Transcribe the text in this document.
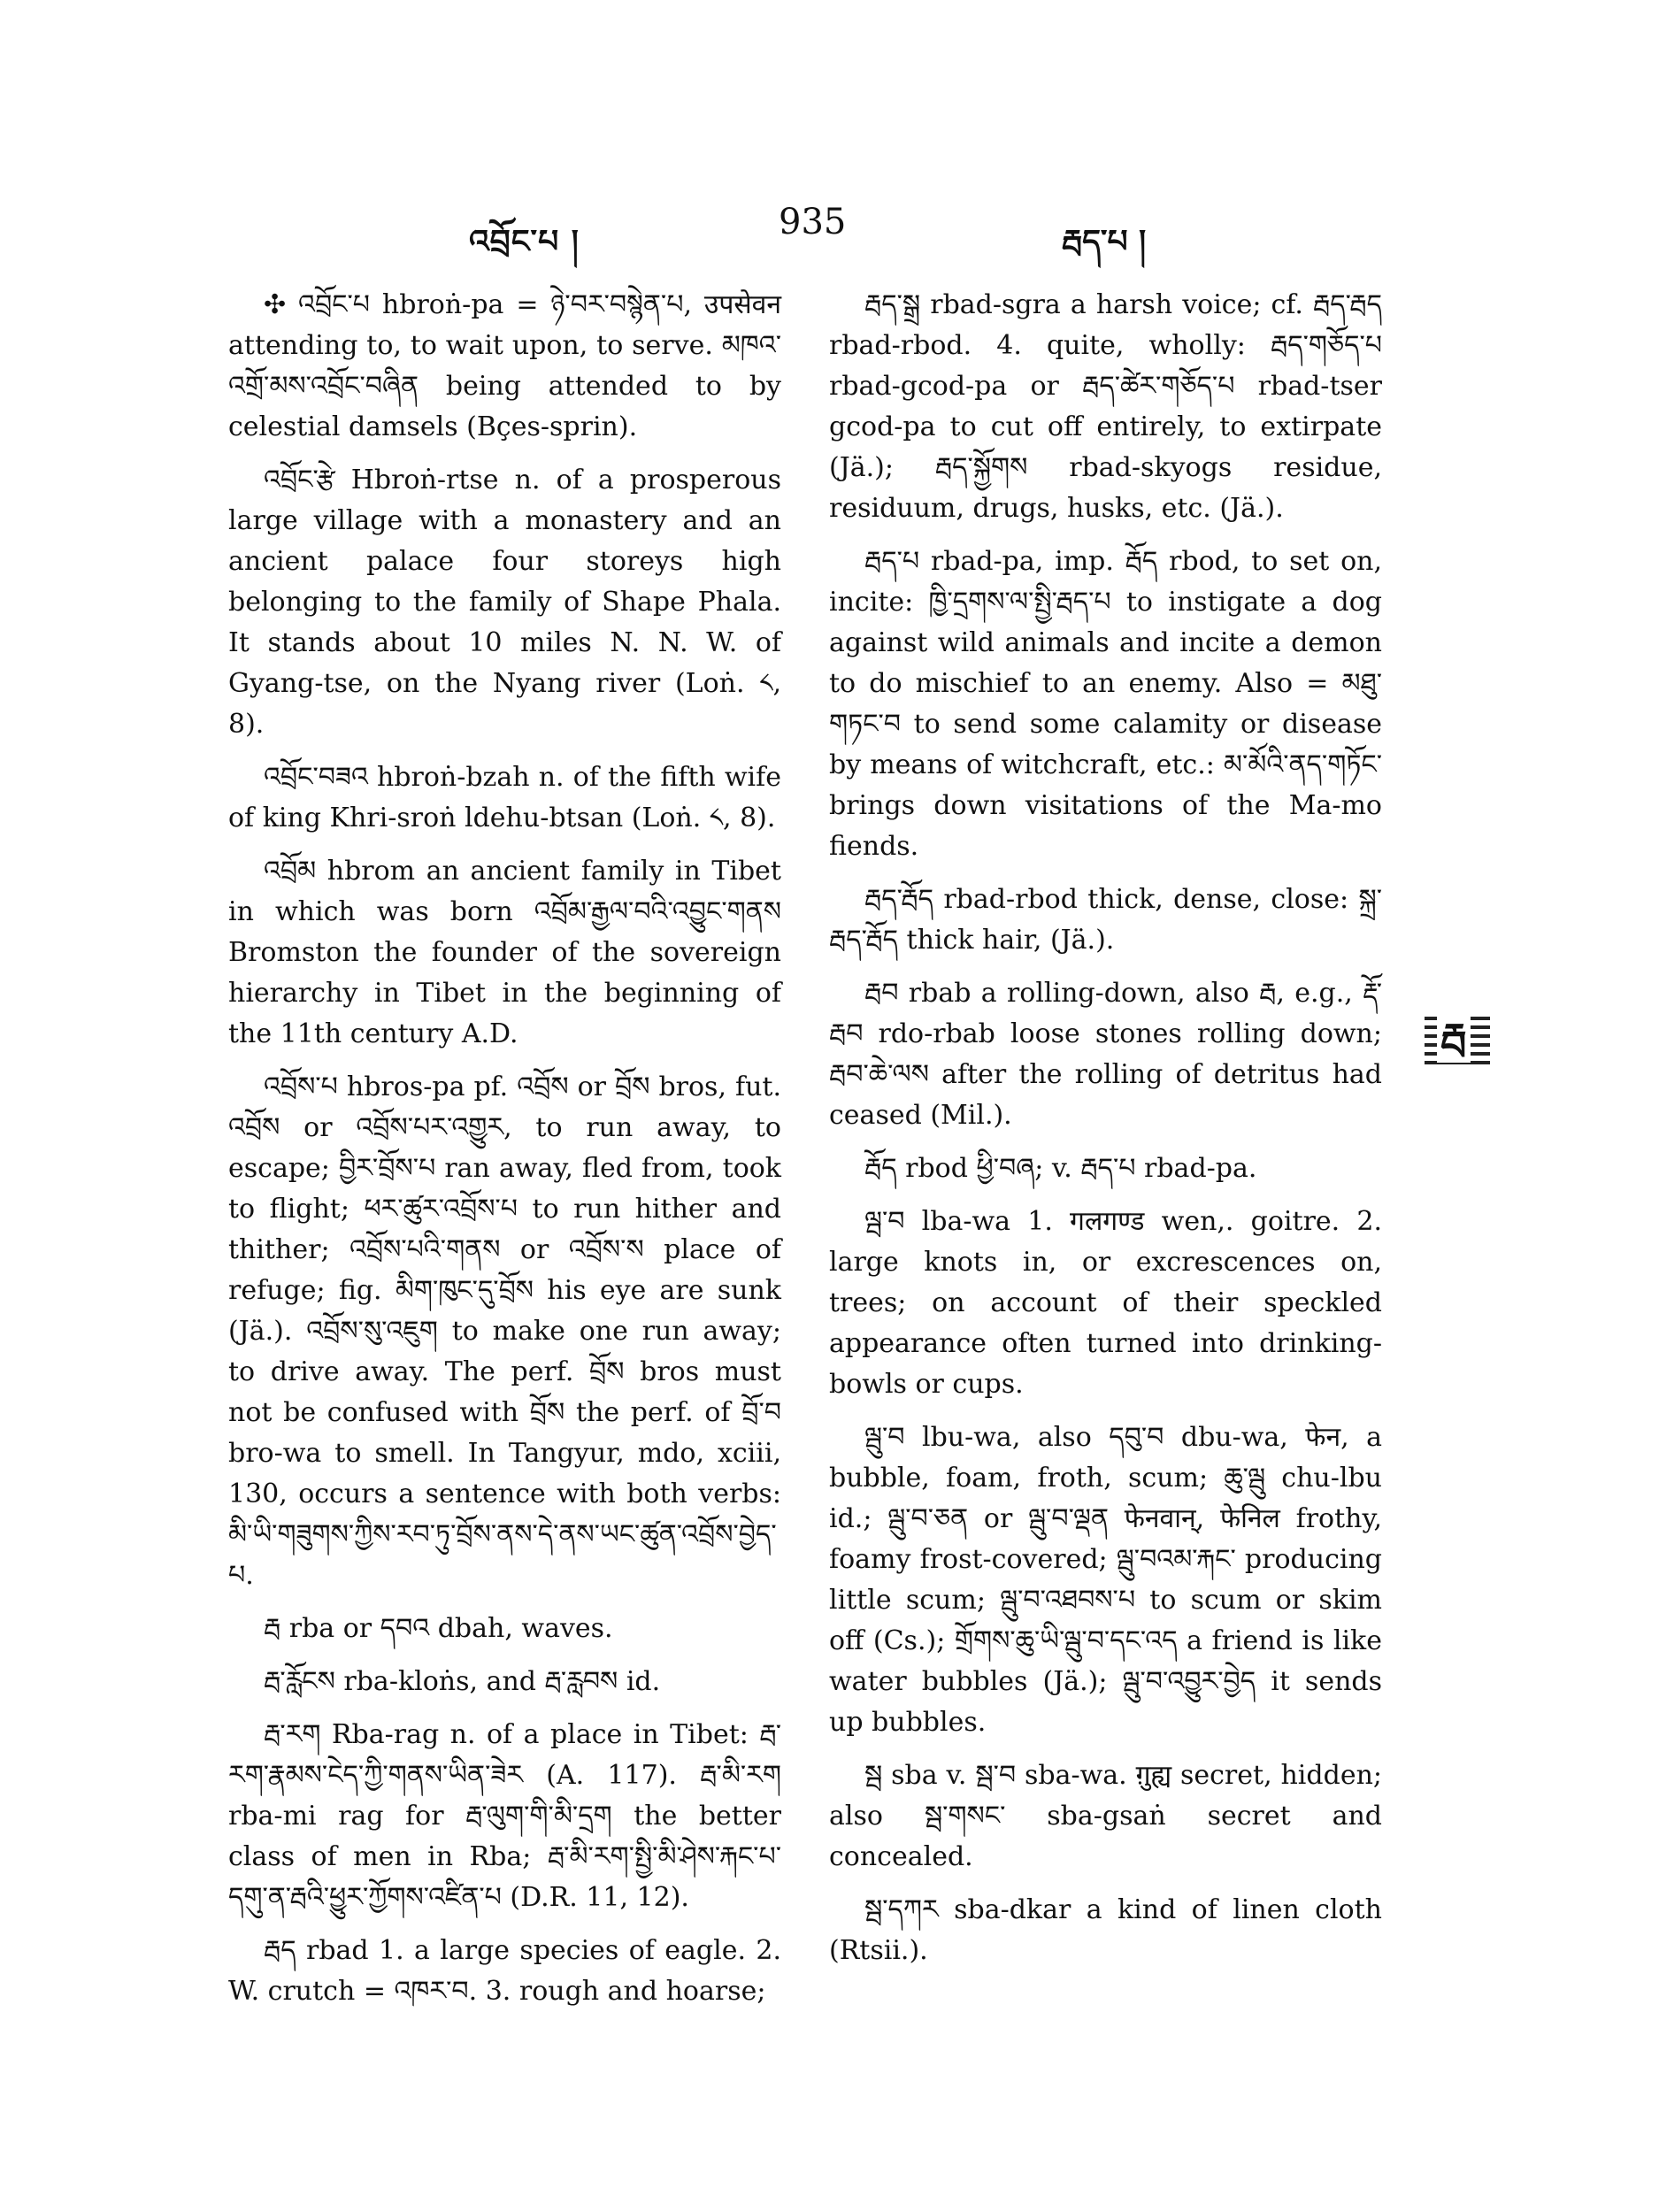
འབྲོང་པ །	935	རྦད་པ །

✣ འབྲོང་པ hbroṅ-pa = ཉེ་བར་བསྙེན་པ, उपसेवन attending to, to wait upon, to serve. མཁའ་འགྲོ་མས་འབྲོང་བཞིན being attended to by celestial damsels (Bçes-sprin).

འབྲོང་རྩེ Hbroṅ-rtse n. of a prosperous large village with a monastery and an ancient palace four storeys high belonging to the family of Shape Phala. It stands about 10 miles N. N. W. of Gyang-tse, on the Nyang river (Loṅ. ༨, 8).

འབྲོང་བཟའ hbroṅ-bzah n. of the fifth wife of king Khri-sroṅ ldehu-btsan (Loṅ. ༨, 8).

འབྲོམ hbrom an ancient family in Tibet in which was born འབྲོམ་རྒྱལ་བའི་འབྱུང་གནས Bromston the founder of the sovereign hierarchy in Tibet in the beginning of the 11th century A.D.

འབྲོས་པ hbros-pa pf. འབྲོས or བྲོས bros, fut. འབྲོས or འབྲོས་པར་འགྱུར, to run away, to escape; བྱིར་བྲོས་པ ran away, fled from, took to flight; ཕར་ཚུར་འབྲོས་པ to run hither and thither; འབྲོས་པའི་གནས or འབྲོས་ས place of refuge; fig. མིག་ཁུང་དུ་བྲོས his eye are sunk (Jä.). འབྲོས་སུ་འཇུག to make one run away; to drive away. The perf. བྲོས bros must not be confused with བྲོས the perf. of བྲོ་བ bro-wa to smell. In Tangyur, mdo, xciii, 130, occurs a sentence with both verbs: མི་ཡི་གཟུགས་ཀྱིས་རབ་ཏུ་བྲོས་ནས་དེ་ནས་ཡང་ཚུན་འབྲོས་བྱེད་པ.

རྦ rba or དབའ dbah, waves.

རྦ་རློངས rba-kloṅs, and རྦ་རླབས id.

རྦ་རག Rba-rag n. of a place in Tibet: རྦ་རག་རྣམས་ངེད་ཀྱི་གནས་ཡིན་ཟེར (A. 117). རྦ་མི་རག rba-mi rag for རྦ་ལུག་གི་མི་དྲག the better class of men in Rba; རྦ་མི་རག་སྤྱི་མི་ཤེས་རྐང་པ་དགུ་ན་རྦའི་ཕྱུར་ཀྱོགས་འཛིན་པ (D.R. 11, 12).

རྦད rbad 1. a large species of eagle. 2. W. crutch = འཁར་བ. 3. rough and hoarse;

རྦད་སྒྲ rbad-sgra a harsh voice; cf. རྦད་རྦད rbad-rbod. 4. quite, wholly: རྦད་གཅོད་པ rbad-gcod-pa or རྦད་ཚེར་གཅོད་པ rbad-tser gcod-pa to cut off entirely, to extirpate (Jä.); རྦད་སྐྱོགས rbad-skyogs residue, residuum, drugs, husks, etc. (Jä.).

རྦད་པ rbad-pa, imp. རྦོད rbod, to set on, incite: ཁྱི་དྲགས་ལ་སྤྱི་རྦད་པ to instigate a dog against wild animals and incite a demon to do mischief to an enemy. Also = མཐུ་གཏང་བ to send some calamity or disease by means of witchcraft, etc.: མ་མོའི་ནད་གཏོང་ brings down visitations of the Ma-mo fiends.

རྦད་རྦོད rbad-rbod thick, dense, close: སྐྲ་རྦད་རྦོད thick hair, (Jä.).

རྦབ rbab a rolling-down, also རྦ, e.g., རྡོ་རྦབ rdo-rbab loose stones rolling down; རྦབ་ཆེ་ལས after the rolling of detritus had ceased (Mil.).

རྦོད rbod ཕྱི་བཞ; v. རྦད་པ rbad-pa.

ལྦ་བ lba-wa 1. गलगण्ड wen,. goitre. 2. large knots in, or excrescences on, trees; on account of their speckled appearance often turned into drinking-bowls or cups.

ལྦུ་བ lbu-wa, also དབུ་བ dbu-wa, फेन, a bubble, foam, froth, scum; ཆུ་ལྦུ chu-lbu id.; ལྦུ་བ་ཅན or ལྦུ་བ་ལྡན फेनवान्, फेनिल frothy, foamy frost-covered; ལྦུ་བའམ་རྐང་ producing little scum; ལྦུ་བ་འཐབས་པ to scum or skim off (Cs.); གྲོགས་ཆུ་ཡི་ལྦུ་བ་དང་འད a friend is like water bubbles (Jä.); ལྦུ་བ་འབྱུར་བྱེད it sends up bubbles.

སྦ sba v. སྦ་བ sba-wa. ग़ुह्य secret, hidden; also སྦ་གསང་ sba-gsaṅ secret and concealed.

སྦ་དཀར sba-dkar a kind of linen cloth (Rtsii.).

རྦ
